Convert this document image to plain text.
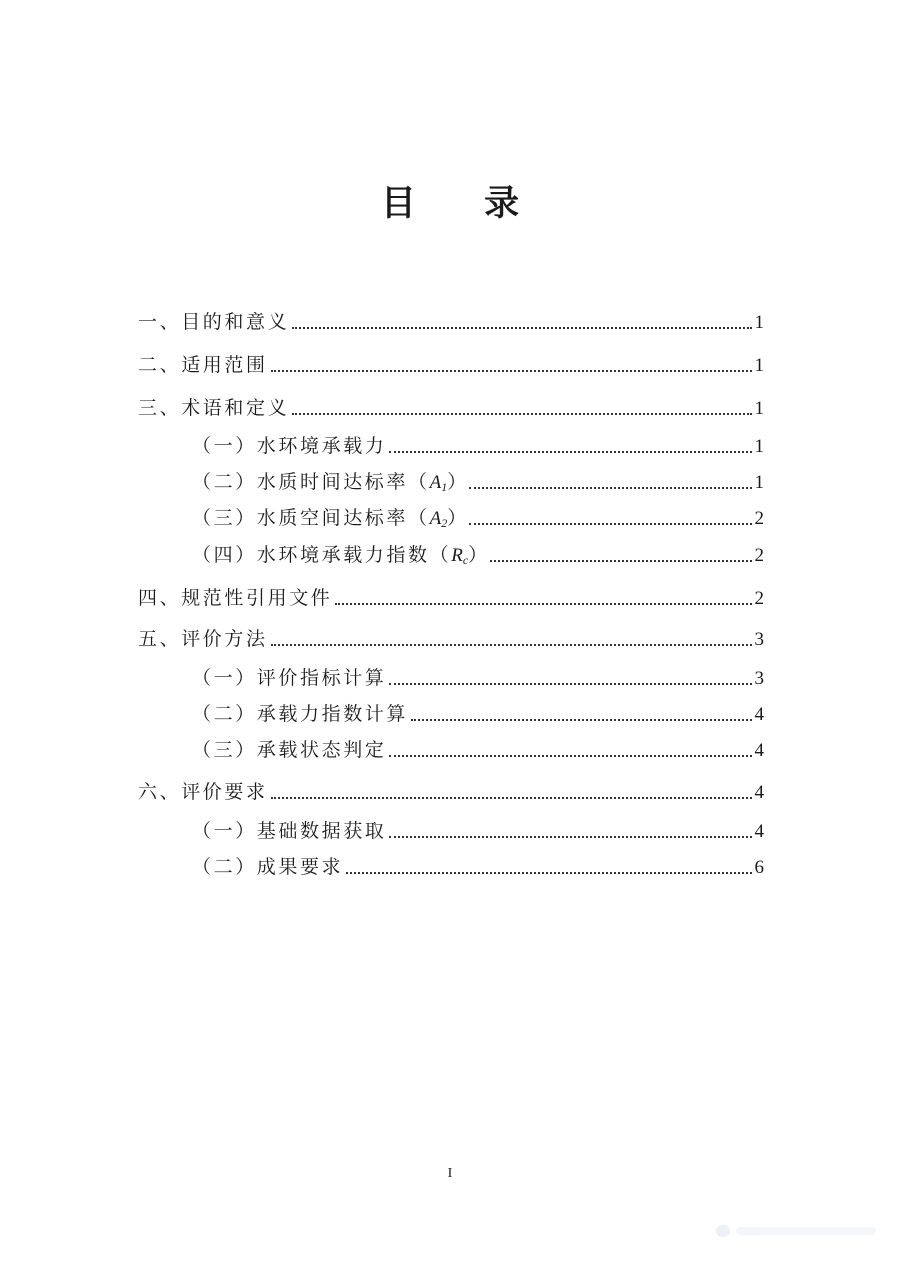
目 录
一、目的和意义	1
二、适用范围	1
三、术语和定义	1
（一）水环境承载力	1
（二）水质时间达标率（ $A_1$ ）	1
（三）水质空间达标率（ $A_2$ ）	2
（四）水环境承载力指数（ $R_c$ ）	2
四、规范性引用文件	2
五、评价方法	3
（一）评价指标计算	3
（二）承载力指数计算	4
（三）承载状态判定	4
六、评价要求	4
（一）基础数据获取	4
（二）成果要求	6
I
